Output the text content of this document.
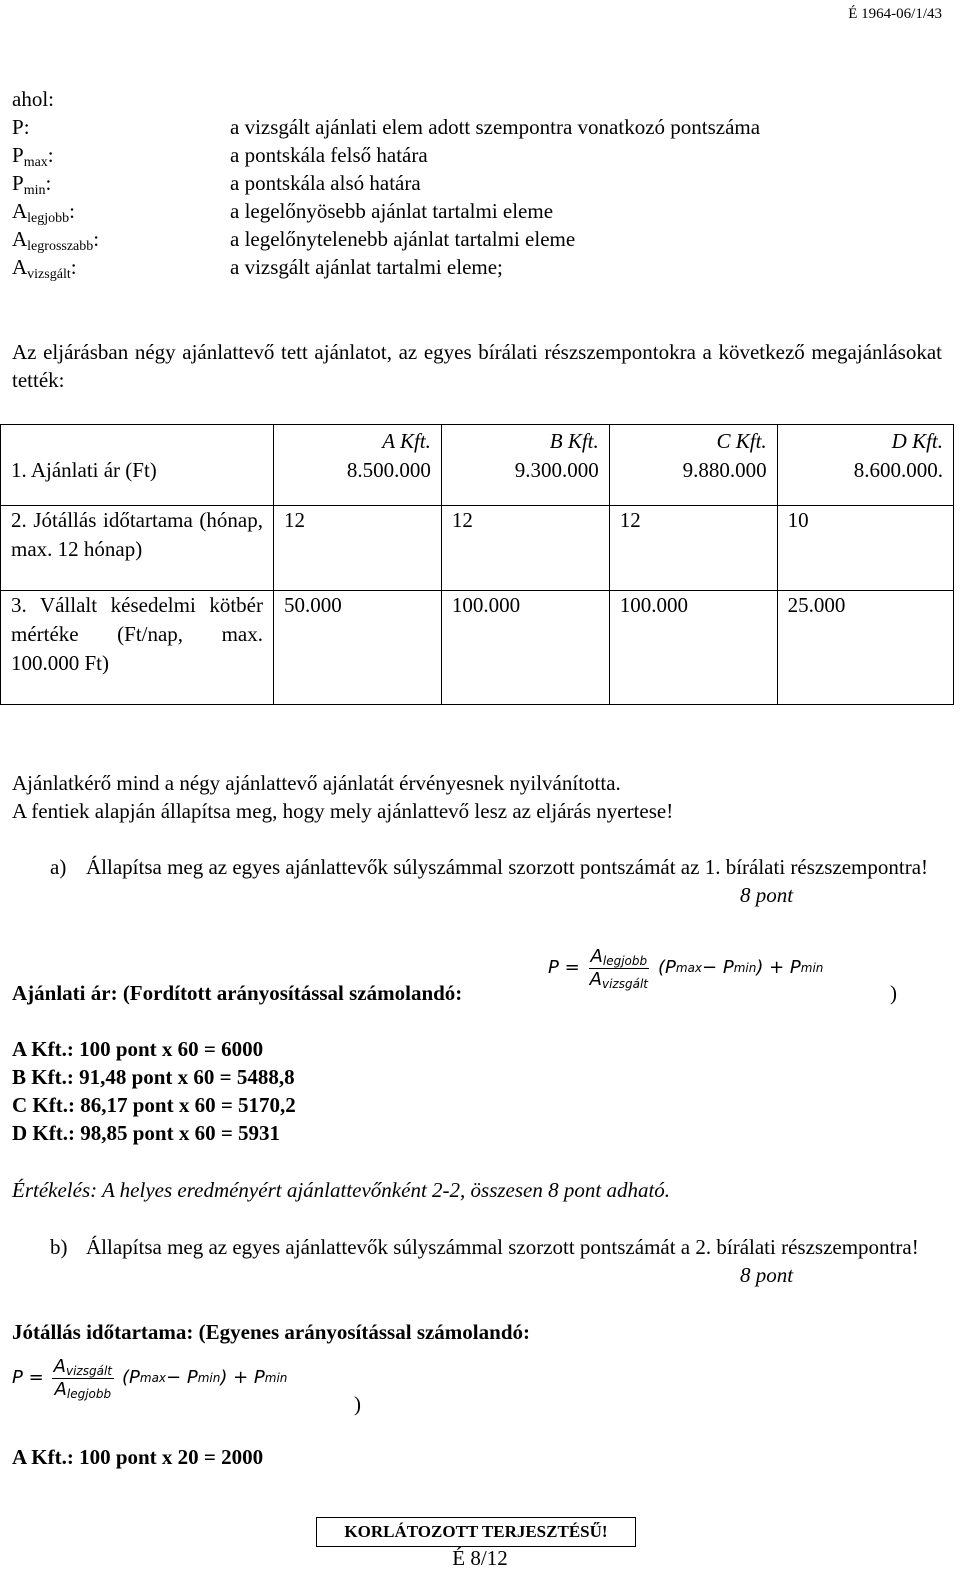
É 1964-06/1/43
ahol:
P:	a vizsgált ajánlati elem adott szempontra vonatkozó pontszáma
$P_{max}$:	a pontskála felső határa
$P_{min}$:	a pontskála alsó határa
$A_{legjobb}$:	a legelőnyösebb ajánlat tartalmi eleme
$A_{legrosszabb}$:	a legelőnytelenebb ajánlat tartalmi eleme
$A_{vizsgált}$:	a vizsgált ajánlat tartalmi eleme;
Az eljárásban négy ajánlattevő tett ajánlatot, az egyes bírálati részszempontokra a következő megajánlásokat tették:
	A Kft.	B Kft.	C Kft.	D Kft.
1. Ajánlati ár (Ft)	8.500.000	9.300.000	9.880.000	8.600.000.
2. Jótállás időtartama (hónap, max. 12 hónap)	12	12	12	10
3. Vállalt késedelmi kötbér mértéke (Ft/nap, max. 100.000 Ft)	50.000	100.000	100.000	25.000
Ajánlatkérő mind a négy ajánlattevő ajánlatát érvényesnek nyilvánította.
A fentiek alapján állapítsa meg, hogy mely ajánlattevő lesz az eljárás nyertese!
a) Állapítsa meg az egyes ajánlattevők súlyszámmal szorzott pontszámát az 1. bírálati részszempontra!
8 pont
Ajánlati ár: (Fordított arányosítással számolandó:
$P = \frac{A_{legjobb}}{A_{vizsgált}} (P$ max − P min ) + P min
)
A Kft.: 100 pont x 60 = 6000
B Kft.: 91,48 pont x 60 = 5488,8
C Kft.: 86,17 pont x 60 = 5170,2
D Kft.: 98,85 pont x 60 = 5931
Értékelés: A helyes eredményért ajánlattevőnként 2-2, összesen 8 pont adható.
b) Állapítsa meg az egyes ajánlattevők súlyszámmal szorzott pontszámát a 2. bírálati részszempontra!
8 pont
Jótállás időtartama: (Egyenes arányosítással számolandó:
$P = \frac{A_{vizsgált}}{A_{legjobb}} (P$ max − P min ) + P min
)
A Kft.: 100 pont x 20 = 2000
KORLÁTOZOTT TERJESZTÉSŰ!
É 8/12
